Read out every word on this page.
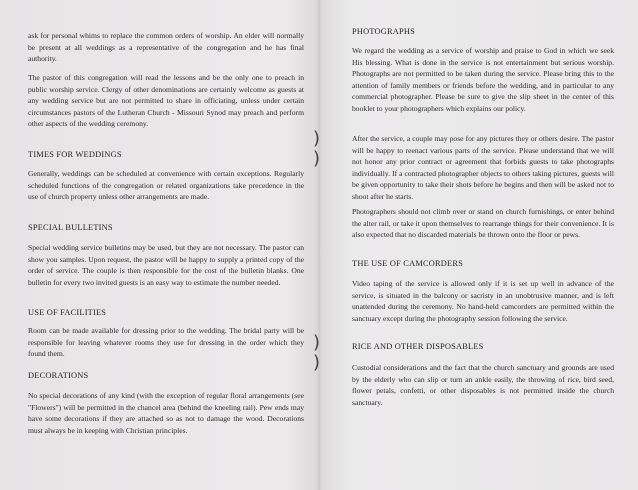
)
)
)
)

ask for personal whims to replace the common orders of worship. An elder will normally be present at all weddings as a representative of the congregation and he has final authority.

The pastor of this congregation will read the lessons and be the only one to preach in public worship service. Clergy of other denominations are certainly welcome as guests at any wedding service but are not permitted to share in officiating, unless under certain circumstances pastors of the Lutheran Church - Missouri Synod may preach and perform other aspects of the wedding ceremony.

TIMES FOR WEDDINGS

Generally, weddings can be scheduled at convenience with certain exceptions. Regularly scheduled functions of the congregation or related organizations take precedence in the use of church property unless other arrangements are made.

SPECIAL BULLETINS

Special wedding service bulletins may be used, but they are not necessary. The pastor can show you samples. Upon request, the pastor will be happy to supply a printed copy of the order of service. The couple is then responsible for the cost of the bulletin blanks. One bulletin for every two invited guests is an easy way to estimate the number needed.

USE OF FACILITIES

Room can be made available for dressing prior to the wedding. The bridal party will be responsible for leaving whatever rooms they use for dressing in the order which they found them.

DECORATIONS

No special decorations of any kind (with the exception of regular floral arrangements (see "Flowers") will be permitted in the chancel area (behind the kneeling rail). Pew ends may have some decorations if they are attached so as not to damage the wood. Decorations must always be in keeping with Christian principles.

PHOTOGRAPHS

We regard the wedding as a service of worship and praise to God in which we seek His blessing. What is done in the service is not entertainment but serious worship. Photographs are not permitted to be taken during the service. Please bring this to the attention of family members or friends before the wedding, and in particular to any commercial photographer. Please be sure to give the slip sheet in the center of this booklet to your photographers which explains our policy.

After the service, a couple may pose for any pictures they or others desire. The pastor will be happy to reenact various parts of the service. Please understand that we will not honor any prior contract or agreement that forbids guests to take photographs individually. If a contracted photographer objects to others taking pictures, guests will be given opportunity to take their shots before he begins and then will be asked not to shoot after he starts.

Photographers should not climb over or stand on church furnishings, or enter behind the alter rail, or take it upon themselves to rearrange things for their convenience. It is also expected that no discarded materials be thrown onto the floor or pews.

THE USE OF CAMCORDERS

Video taping of the service is allowed only if it is set up well in advance of the service, is situated in the balcony or sacristy in an unobtrusive manner, and is left unattended during the ceremony. No hand-held camcorders are permitted within the sanctuary except during the photography session following the service.

RICE AND OTHER DISPOSABLES

Custodial considerations and the fact that the church sanctuary and grounds are used by the elderly who can slip or turn an ankle easily, the throwing of rice, bird seed, flower petals, confetti, or other disposables is not permitted inside the church sanctuary.
